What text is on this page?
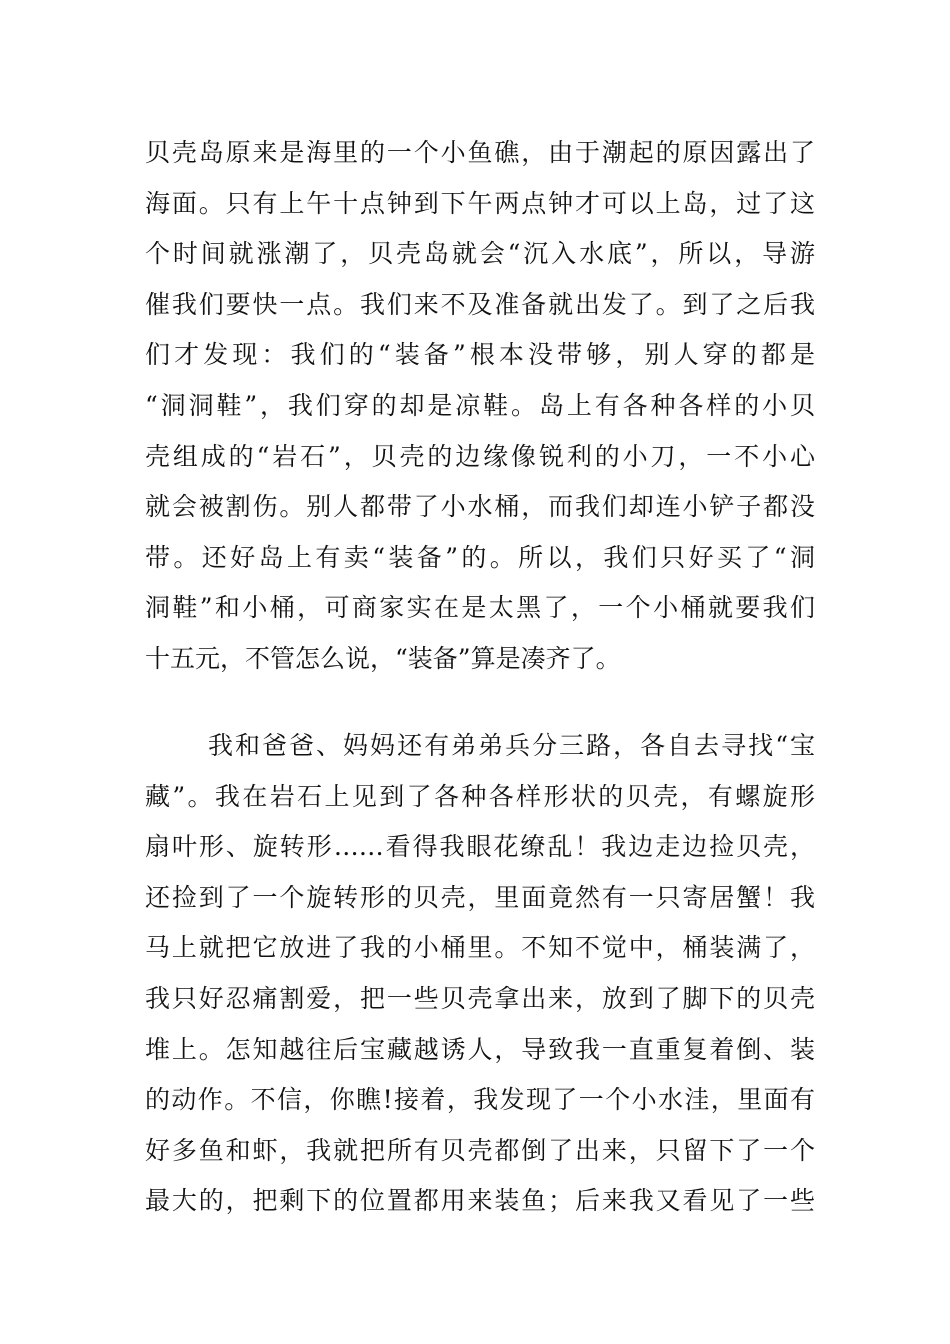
贝壳岛原来是海里的一个小鱼礁，由于潮起的原因露出了
海面。只有上午十点钟到下午两点钟才可以上岛，过了这
个时间就涨潮了，贝壳岛就会“沉入水底”，所以，导游
催我们要快一点。我们来不及准备就出发了。到了之后我
们才发现：我们的“装备”根本没带够，别人穿的都是
“洞洞鞋”，我们穿的却是凉鞋。岛上有各种各样的小贝
壳组成的“岩石”，贝壳的边缘像锐利的小刀，一不小心
就会被割伤。别人都带了小水桶，而我们却连小铲子都没
带。还好岛上有卖“装备”的。所以，我们只好买了“洞
洞鞋”和小桶，可商家实在是太黑了，一个小桶就要我们
十五元，不管怎么说，“装备”算是凑齐了。
我和爸爸、妈妈还有弟弟兵分三路，各自去寻找“宝
藏”。我在岩石上见到了各种各样形状的贝壳，有螺旋形
扇叶形、旋转形……看得我眼花缭乱！我边走边捡贝壳，
还捡到了一个旋转形的贝壳，里面竟然有一只寄居蟹！我
马上就把它放进了我的小桶里。不知不觉中，桶装满了，
我只好忍痛割爱，把一些贝壳拿出来，放到了脚下的贝壳
堆上。怎知越往后宝藏越诱人，导致我一直重复着倒、装
的动作。不信，你瞧!接着，我发现了一个小水洼，里面有
好多鱼和虾，我就把所有贝壳都倒了出来，只留下了一个
最大的，把剩下的位置都用来装鱼；后来我又看见了一些
